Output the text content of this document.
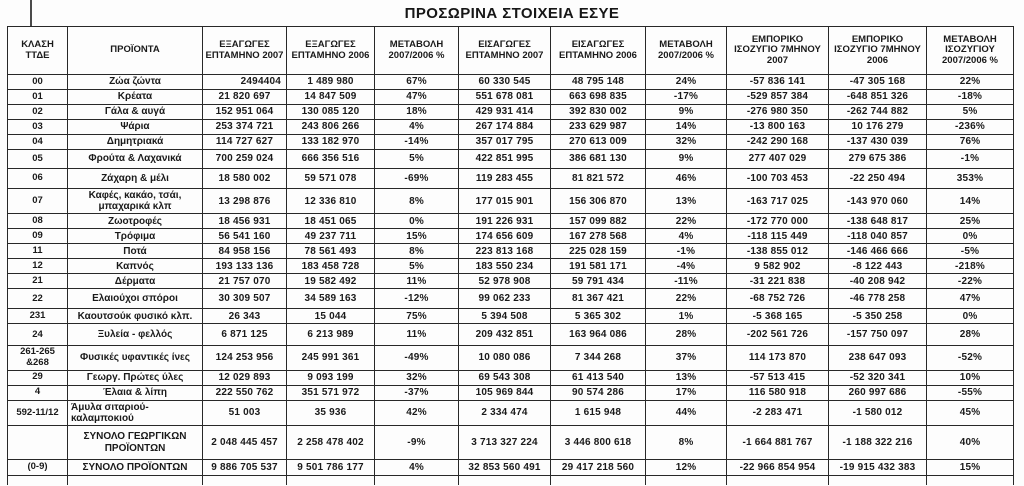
ΠΡΟΣΩΡΙΝΑ ΣΤΟΙΧΕΙΑ ΕΣΥΕ
ΚΛΑΣΗ ΤΤΔΕ	ΠΡΟΪΟΝΤΑ	ΕΞΑΓΩΓΕΣ ΕΠΤΑΜΗΝΟ 2007	ΕΞΑΓΩΓΕΣ ΕΠΤΑΜΗΝΟ 2006	ΜΕΤΑΒΟΛΗ 2007/2006 %	ΕΙΣΑΓΩΓΕΣ ΕΠΤΑΜΗΝΟ 2007	ΕΙΣΑΓΩΓΕΣ ΕΠΤΑΜΗΝΟ 2006	ΜΕΤΑΒΟΛΗ 2007/2006 %	ΕΜΠΟΡΙΚΟ ΙΣΟΖΥΓΙΟ 7ΜΗΝΟΥ 2007	ΕΜΠΟΡΙΚΟ ΙΣΟΖΥΓΙΟ 7ΜΗΝΟΥ 2006	ΜΕΤΑΒΟΛΗ ΙΣΟΖΥΓΙΟΥ 2007/2006 %
00	Ζώα ζώντα	2494404	1 489 980	67%	60 330 545	48 795 148	24%	-57 836 141	-47 305 168	22%
01	Κρέατα	21 820 697	14 847 509	47%	551 678 081	663 698 835	-17%	-529 857 384	-648 851 326	-18%
02	Γάλα & αυγά	152 951 064	130 085 120	18%	429 931 414	392 830 002	9%	-276 980 350	-262 744 882	5%
03	Ψάρια	253 374 721	243 806 266	4%	267 174 884	233 629 987	14%	-13 800 163	10 176 279	-236%
04	Δημητριακά	114 727 627	133 182 970	-14%	357 017 795	270 613 009	32%	-242 290 168	-137 430 039	76%
05	Φρούτα & Λαχανικά	700 259 024	666 356 516	5%	422 851 995	386 681 130	9%	277 407 029	279 675 386	-1%
06	Ζάχαρη & μέλι	18 580 002	59 571 078	-69%	119 283 455	81 821 572	46%	-100 703 453	-22 250 494	353%
07	Καφές, κακάο, τσάι, μπαχαρικά κλπ	13 298 876	12 336 810	8%	177 015 901	156 306 870	13%	-163 717 025	-143 970 060	14%
08	Ζωοτροφές	18 456 931	18 451 065	0%	191 226 931	157 099 882	22%	-172 770 000	-138 648 817	25%
09	Τρόφιμα	56 541 160	49 237 711	15%	174 656 609	167 278 568	4%	-118 115 449	-118 040 857	0%
11	Ποτά	84 958 156	78 561 493	8%	223 813 168	225 028 159	-1%	-138 855 012	-146 466 666	-5%
12	Καπνός	193 133 136	183 458 728	5%	183 550 234	191 581 171	-4%	9 582 902	-8 122 443	-218%
21	Δέρματα	21 757 070	19 582 492	11%	52 978 908	59 791 434	-11%	-31 221 838	-40 208 942	-22%
22	Ελαιούχοι σπόροι	30 309 507	34 589 163	-12%	99 062 233	81 367 421	22%	-68 752 726	-46 778 258	47%
231	Καουτσούκ φυσικό κλπ.	26 343	15 044	75%	5 394 508	5 365 302	1%	-5 368 165	-5 350 258	0%
24	Ξυλεία - φελλός	6 871 125	6 213 989	11%	209 432 851	163 964 086	28%	-202 561 726	-157 750 097	28%
261-265 &268	Φυσικές υφαντικές ίνες	124 253 956	245 991 361	-49%	10 080 086	7 344 268	37%	114 173 870	238 647 093	-52%
29	Γεωργ. Πρώτες ύλες	12 029 893	9 093 199	32%	69 543 308	61 413 540	13%	-57 513 415	-52 320 341	10%
4	Έλαια & λίπη	222 550 762	351 571 972	-37%	105 969 844	90 574 286	17%	116 580 918	260 997 686	-55%
592-11/12	Άμυλα σιταριού-καλαμποκιού	51 003	35 936	42%	2 334 474	1 615 948	44%	-2 283 471	-1 580 012	45%
	ΣΥΝΟΛΟ ΓΕΩΡΓΙΚΩΝ ΠΡΟΪΟΝΤΩΝ	2 048 445 457	2 258 478 402	-9%	3 713 327 224	3 446 800 618	8%	-1 664 881 767	-1 188 322 216	40%
(0-9)	ΣΥΝΟΛΟ ΠΡΟΪΟΝΤΩΝ	9 886 705 537	9 501 786 177	4%	32 853 560 491	29 417 218 560	12%	-22 966 854 954	-19 915 432 383	15%
